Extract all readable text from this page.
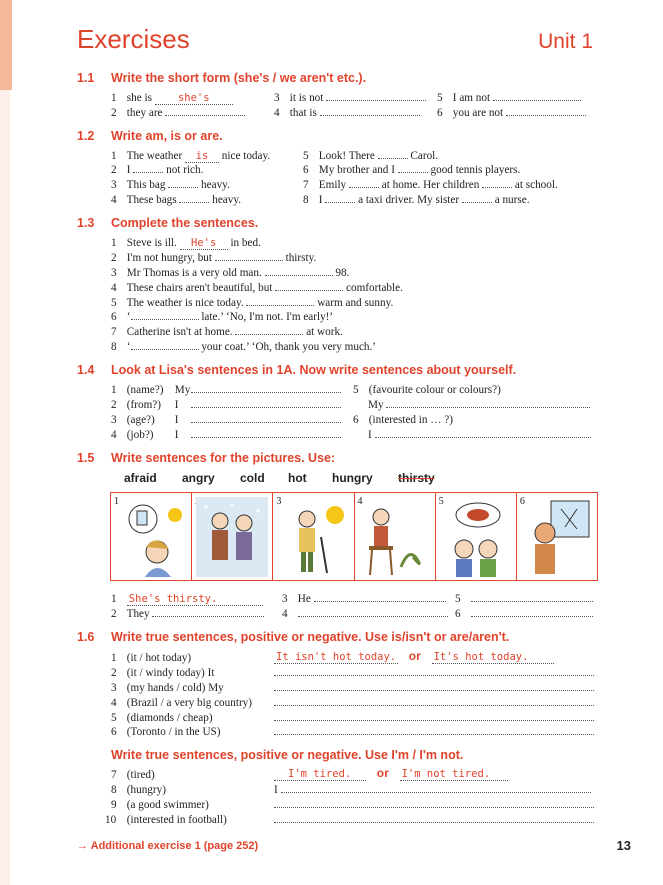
Exercises	Unit 1
1.1 Write the short form (she's / we aren't etc.).
1 she is she's
2 they are
3 it is not
4 that is
5 I am not
6 you are not
1.2 Write am, is or are.
1 The weather is nice today.
2 I	not rich.
3 This bag	heavy.
4 These bags	heavy.
5 Look! There	Carol.
6 My brother and I	good tennis players.
7 Emily	at home. Her children	at school.
8 I	a taxi driver. My sister	a nurse.
1.3 Complete the sentences.
1 Steve is ill. He's in bed.
2 I'm not hungry, but	thirsty.
3 Mr Thomas is a very old man.	98.
4 These chairs aren't beautiful, but	comfortable.
5 The weather is nice today.	warm and sunny.
6 ‘	late.’ ‘No, I'm not. I'm early!’
7 Catherine isn't at home.	at work.
8 ‘	your coat.’ ‘Oh, thank you very much.’
1.4 Look at Lisa's sentences in 1A. Now write sentences about yourself.
1 (name?) My
2 (from?) I
3 (age?) I
4 (job?) I
5 (favourite colour or colours?)
My
6 (interested in … ?)
I
1.5 Write sentences for the pictures. Use:
afraid angry cold hot hungry thirsty
1	3	4	5	6
1 She's thirsty.
2 They
3 He
4
5
6
1.6 Write true sentences, positive or negative. Use is/isn't or are/aren't.
1 (it / hot today)	It isn't hot today. or It's hot today.
2 (it / windy today) It
3 (my hands / cold) My
4 (Brazil / a very big country)
5 (diamonds / cheap)
6 (Toronto / in the US)
Write true sentences, positive or negative. Use I'm / I'm not.
7 (tired)	I'm tired. or I'm not tired.
8 (hungry)	I
9 (a good swimmer)
10 (interested in football)
→ Additional exercise 1 (page 252)	13
